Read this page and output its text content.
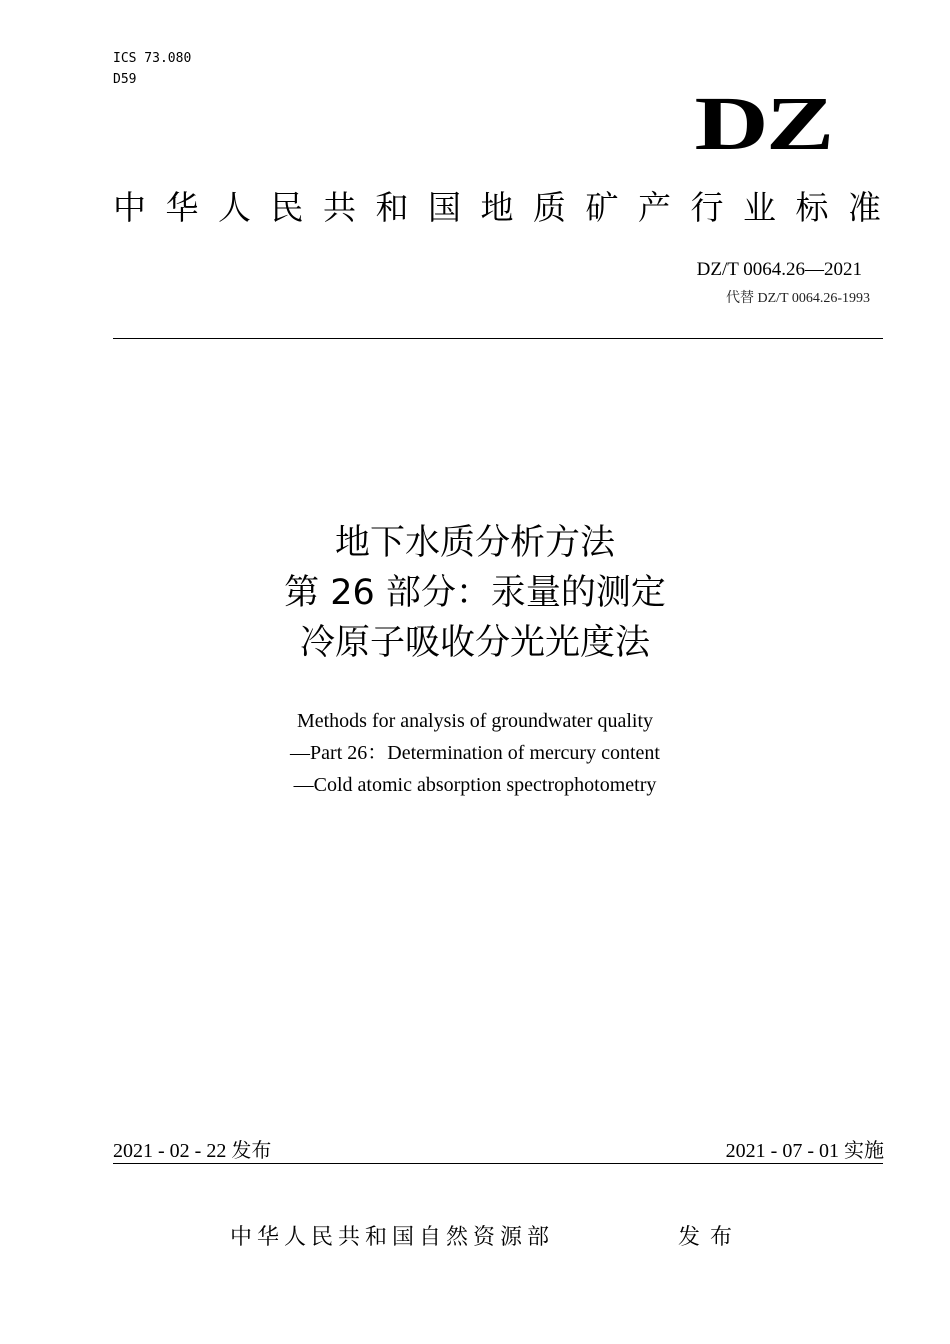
ICS 73.080
D59
DZ
中华人民共和国地质矿产行业标准
DZ/T 0064.26—2021
代替 DZ/T 0064.26-1993
地下水质分析方法
第 26 部分：汞量的测定
冷原子吸收分光光度法
Methods for analysis of groundwater quality
—Part 26：Determination of mercury content
—Cold atomic absorption spectrophotometry
2021 - 02 - 22 发布	2021 - 07 - 01 实施
中华人民共和国自然资源部	发布
